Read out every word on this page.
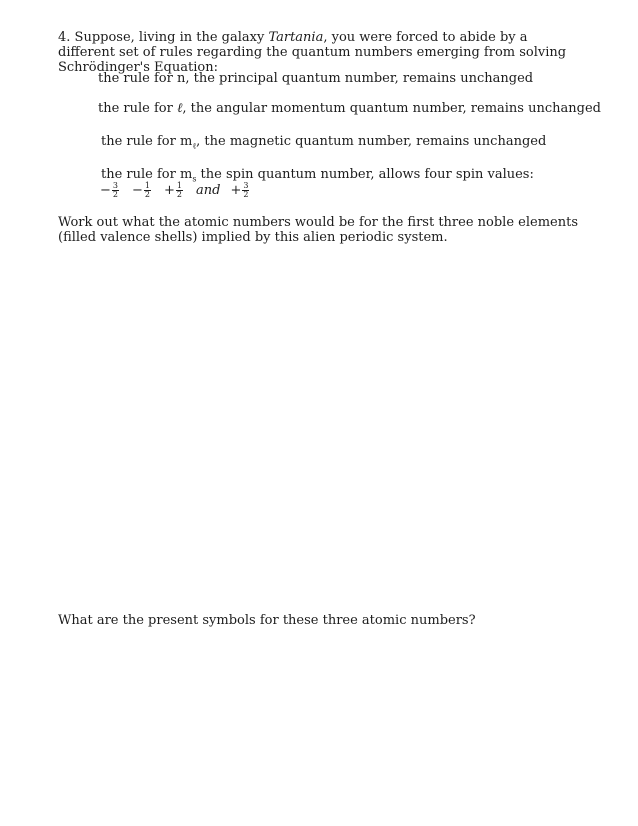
4. Suppose, living in the galaxy Tartania, you were forced to abide by a different set of rules regarding the quantum numbers emerging from solving Schrödinger's Equation:
the rule for n, the principal quantum number, remains unchanged
the rule for ℓ, the angular momentum quantum number, remains unchanged
the rule for $m_\ell$, the magnetic quantum number, remains unchanged
the rule for $m_s$ the spin quantum number, allows four spin values:
− $\frac{3}{2} - \frac{1}{2} + \frac{1}{2}$ and + $\frac{3}{2}$
Work out what the atomic numbers would be for the first three noble elements (filled valence shells) implied by this alien periodic system.
What are the present symbols for these three atomic numbers?
